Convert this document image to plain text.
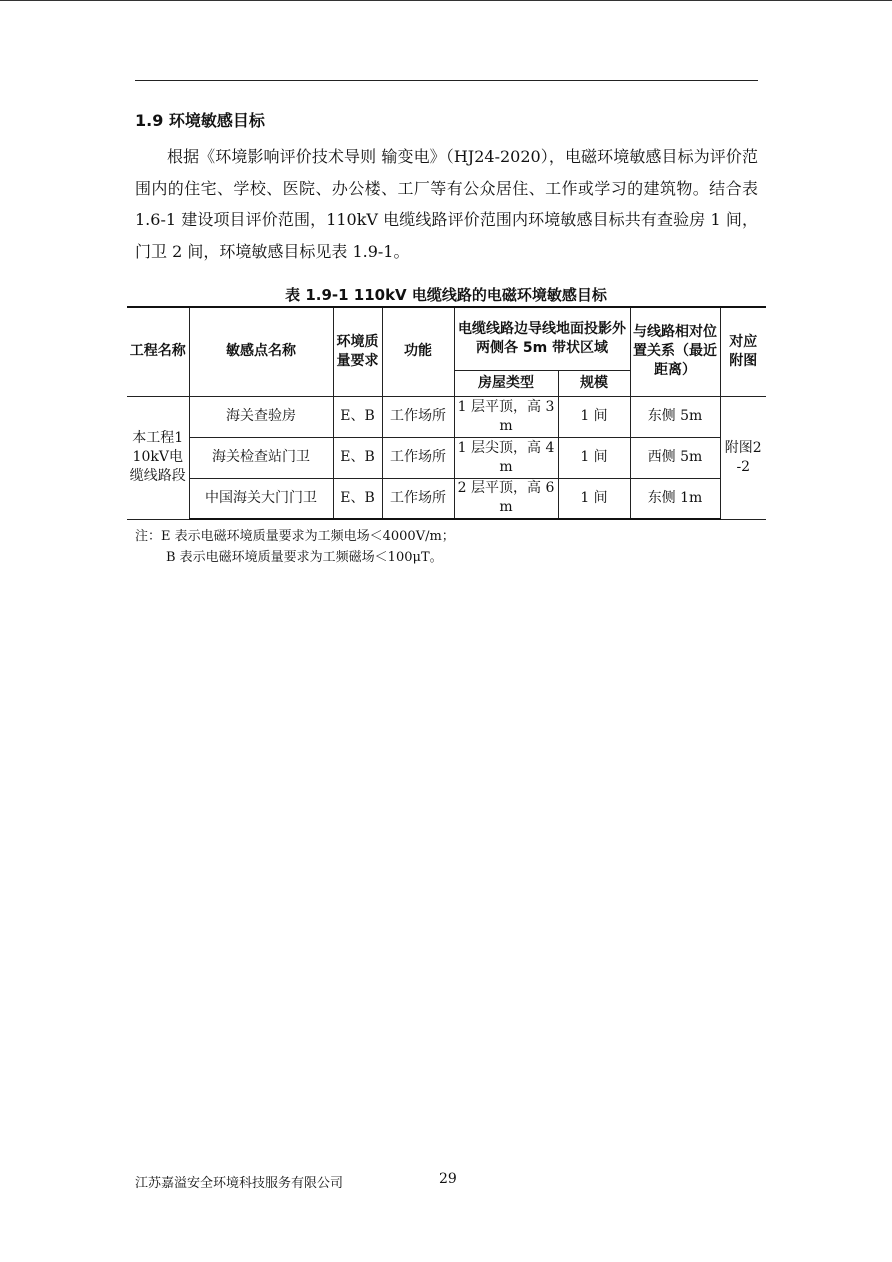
1.9 环境敏感目标
根据《环境影响评价技术导则 输变电》（HJ24-2020），电磁环境敏感目标为评价范围内的住宅、学校、医院、办公楼、工厂等有公众居住、工作或学习的建筑物。结合表 1.6-1 建设项目评价范围，110kV 电缆线路评价范围内环境敏感目标共有查验房 1 间，门卫 2 间，环境敏感目标见表 1.9-1。
表 1.9-1 110kV 电缆线路的电磁环境敏感目标
工程名称	敏感点名称	环境质量要求	功能	电缆线路边导线地面投影外两侧各 5m 带状区域		与线路相对位置关系（最近距离）	对应附图
				房屋类型	规模		
本工程110kV电缆线路段	海关查验房	E、B	工作场所	1 层平顶，高 3m	1 间	东侧 5m	附图2-2
	海关检查站门卫	E、B	工作场所	1 层尖顶，高 4m	1 间	西侧 5m	
	中国海关大门门卫	E、B	工作场所	2 层平顶，高 6m	1 间	东侧 1m	
注：E 表示电磁环境质量要求为工频电场＜4000V/m；
B 表示电磁环境质量要求为工频磁场＜100μT。
江苏嘉溢安全环境科技服务有限公司	29
